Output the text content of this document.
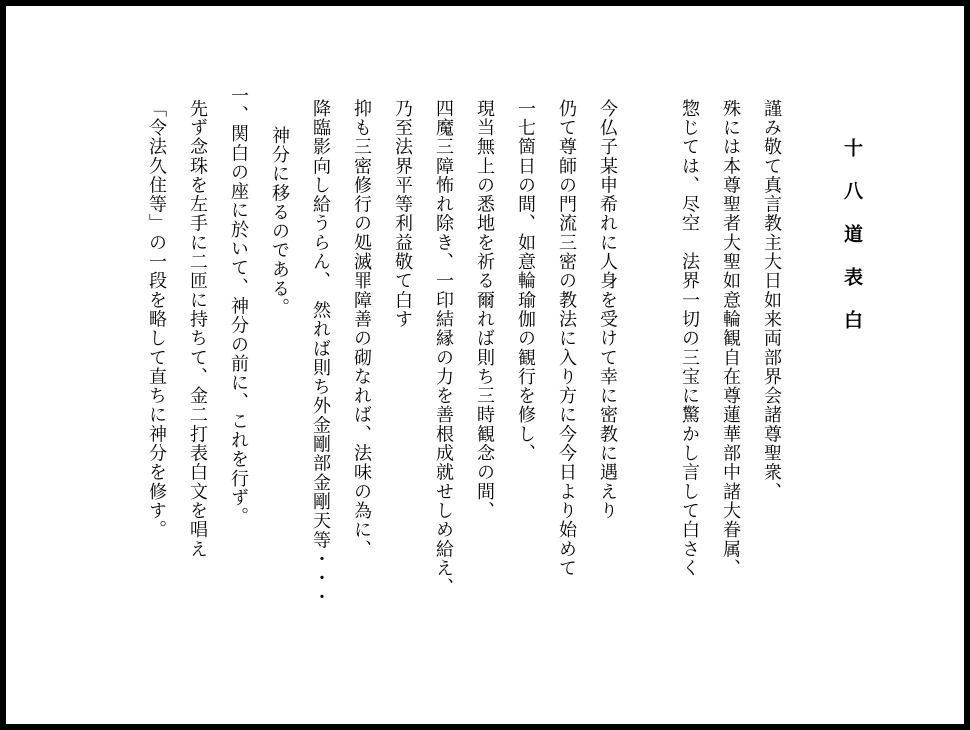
十八道表白
謹み敬て真言教主大日如来両部界会諸尊聖衆、
殊には本尊聖者大聖如意輪観自在尊蓮華部中諸大眷属、
惣じては、尽空　法界一切の三宝に驚かし言して白さく
今仏子某申希れに人身を受けて幸に密教に遇えり
仍て尊師の門流三密の教法に入り方に今今日より始めて
一七箇日の間、如意輪瑜伽の観行を修し、
現当無上の悉地を祈る爾れば則ち三時観念の間、
四魔三障怖れ除き、一印結縁の力を善根成就せしめ給え、
乃至法界平等利益敬て白す
抑も三密修行の処滅罪障善の砌なれば、法味の為に、
降臨影向し給うらん、　然れば則ち外金剛部金剛天等・・・
神分に移るのである。
一、関白の座に於いて、神分の前に、これを行ず。
先ず念珠を左手に二匝に持ちて、金二打表白文を唱え
「令法久住等」の一段を略して直ちに神分を修す。
